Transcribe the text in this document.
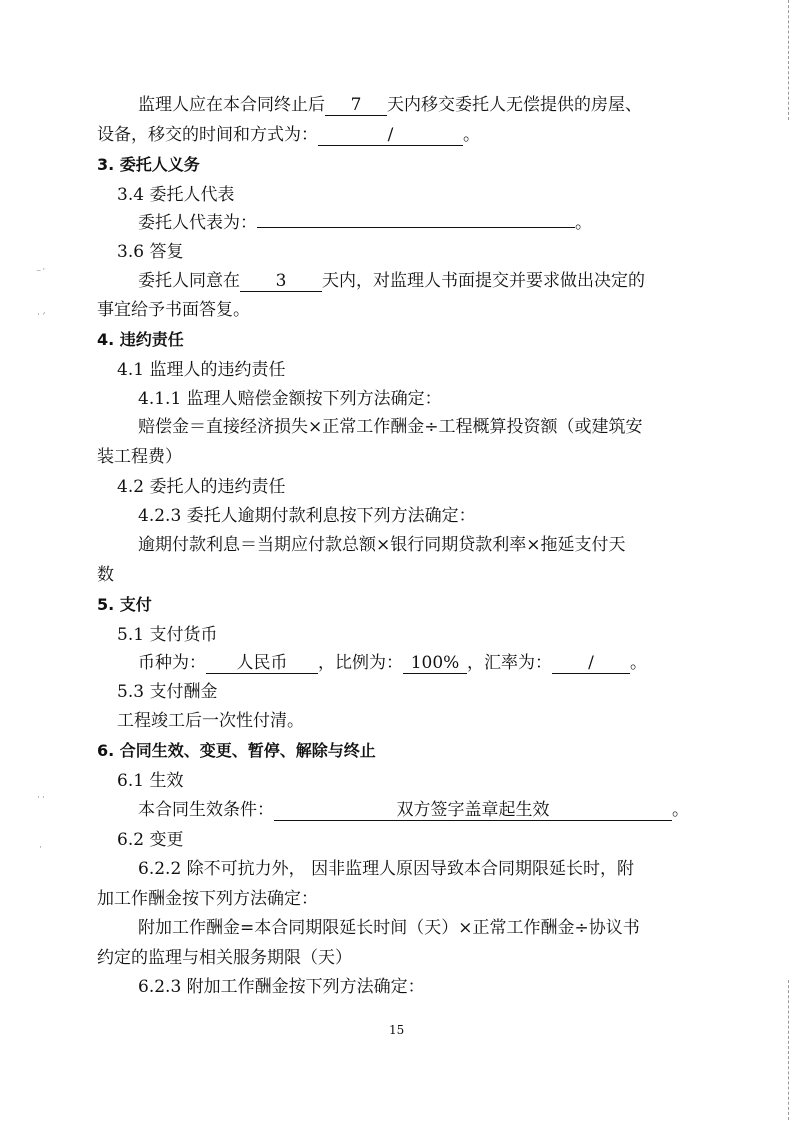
监理人应在本合同终止后 7 天内移交委托人无偿提供的房屋、
设备，移交的时间和方式为：	/	。
3. 委托人义务
3.4 委托人代表
委托人代表为：	。
3.6 答复
委托人同意在 3 天内，对监理人书面提交并要求做出决定的
事宜给予书面答复。
4. 违约责任
4.1 监理人的违约责任
4.1.1 监理人赔偿金额按下列方法确定：
赔偿金＝直接经济损失×正常工作酬金÷工程概算投资额（或建筑安
装工程费）
4.2 委托人的违约责任
4.2.3 委托人逾期付款利息按下列方法确定：
逾期付款利息＝当期应付款总额×银行同期贷款利率×拖延支付天
数
5. 支付
5.1 支付货币
币种为： 人民币 ，比例为： 100% ，汇率为： / 。
5.3 支付酬金
工程竣工后一次性付清。
6. 合同生效、变更、暂停、解除与终止
6.1 生效
本合同生效条件：	双方签字盖章起生效	。
6.2 变更
6.2.2 除不可抗力外， 因非监理人原因导致本合同期限延长时，附
加工作酬金按下列方法确定：
附加工作酬金=本合同期限延长时间（天）×正常工作酬金÷协议书
约定的监理与相关服务期限（天）
6.2.3 附加工作酬金按下列方法确定：
15
⁻˙
˙ˊ
˙˙
˙
